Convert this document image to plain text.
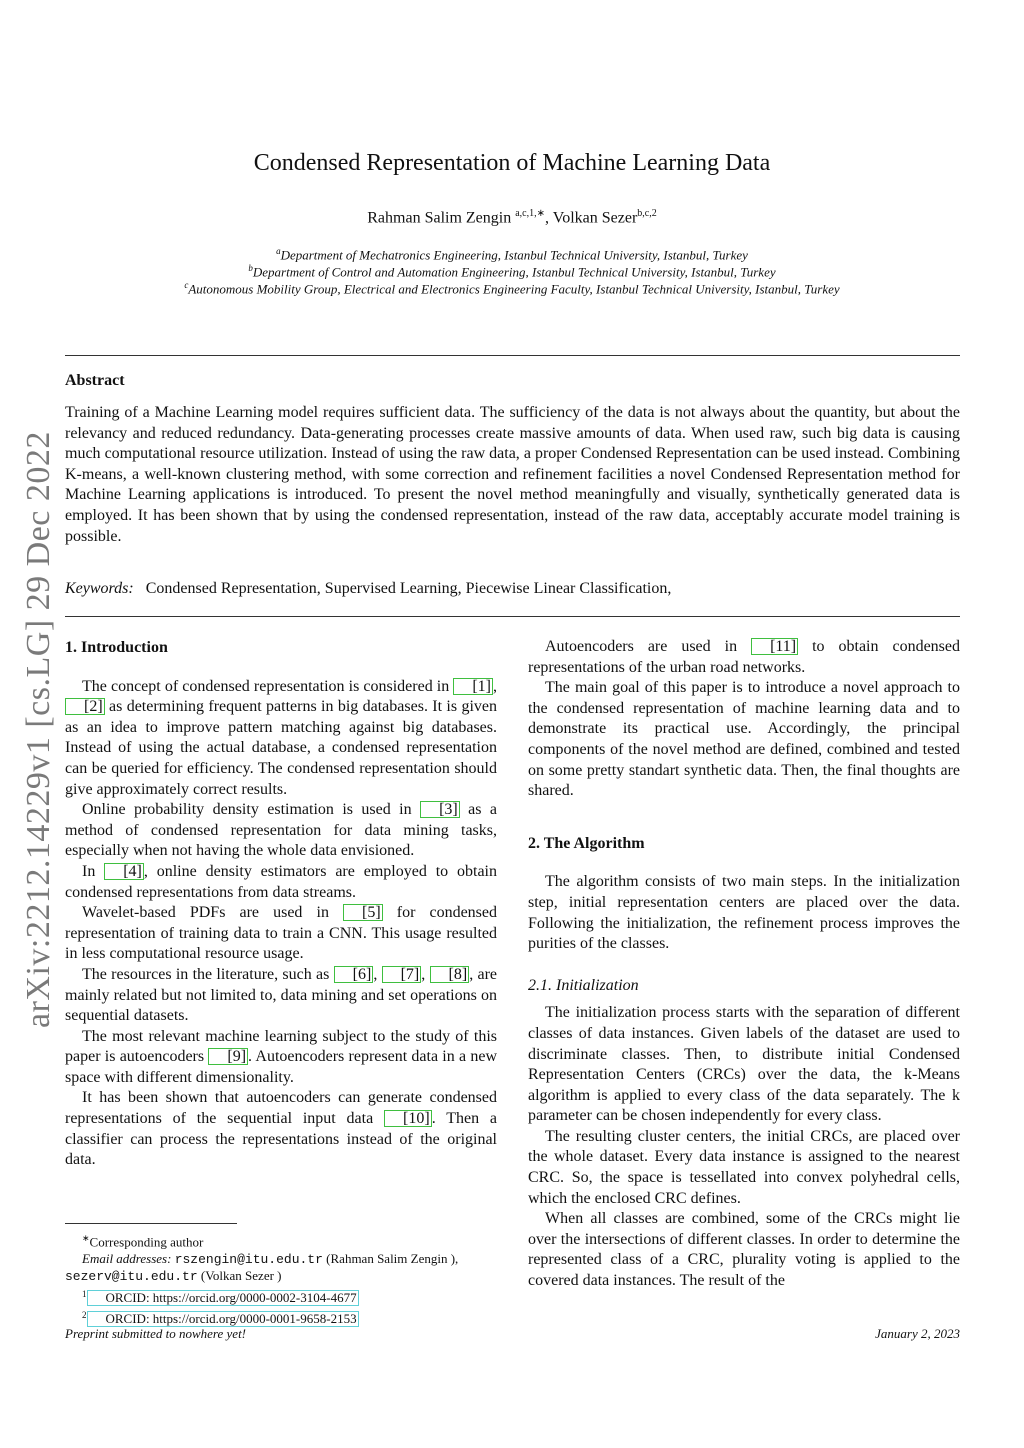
Condensed Representation of Machine Learning Data
Rahman Salim Zengin $^{a,c,1,∗}$, Volkan Sezer$^{b,c,2}$
$^a$Department of Mechatronics Engineering, Istanbul Technical University, Istanbul, Turkey
$^b$Department of Control and Automation Engineering, Istanbul Technical University, Istanbul, Turkey
$^c$Autonomous Mobility Group, Electrical and Electronics Engineering Faculty, Istanbul Technical University, Istanbul, Turkey
Abstract
Training of a Machine Learning model requires sufficient data. The sufficiency of the data is not always about the quantity, but about the relevancy and reduced redundancy. Data-generating processes create massive amounts of data. When used raw, such big data is causing much computational resource utilization. Instead of using the raw data, a proper Condensed Representation can be used instead. Combining K-means, a well-known clustering method, with some correction and refinement facilities a novel Condensed Representation method for Machine Learning applications is introduced. To present the novel method meaningfully and visually, synthetically generated data is employed. It has been shown that by using the condensed representation, instead of the raw data, acceptably accurate model training is possible.
Keywords: Condensed Representation, Supervised Learning, Piecewise Linear Classification,
arXiv:2212.14229v1 [cs.LG] 29 Dec 2022 1. Introduction

The concept of condensed representation is considered in [1] , [2] as determining frequent patterns in big databases. It is given as an idea to improve pattern matching against big databases. Instead of using the actual database, a condensed representation can be queried for efficiency. The condensed representation should give approximately correct results.

Online probability density estimation is used in [3] as a method of condensed representation for data mining tasks, especially when not having the whole data envisioned.

In [4] , online density estimators are employed to obtain condensed representations from data streams.

Wavelet-based PDFs are used in [5] for condensed representation of training data to train a CNN. This usage resulted in less computational resource usage.

The resources in the literature, such as [6] , [7] , [8] , are mainly related but not limited to, data mining and set operations on sequential datasets.

The most relevant machine learning subject to the study of this paper is autoencoders [9] . Autoencoders represent data in a new space with different dimensionality.

It has been shown that autoencoders can generate condensed representations of the sequential input data [10] . Then a classifier can process the representations instead of the original data.

∗Corresponding author
Email addresses: rszengin@itu.edu.tr (Rahman Salim Zengin ), sezerv@itu.edu.tr (Volkan Sezer )
$^1$ ORCID: https://orcid.org/0000-0002-3104-4677
$^2$ ORCID: https://orcid.org/0000-0001-9658-2153

Autoencoders are used in [11] to obtain condensed representations of the urban road networks.

The main goal of this paper is to introduce a novel approach to the condensed representation of machine learning data and to demonstrate its practical use. Accordingly, the principal components of the novel method are defined, combined and tested on some pretty standart synthetic data. Then, the final thoughts are shared.

2. The Algorithm

The algorithm consists of two main steps. In the initialization step, initial representation centers are placed over the data. Following the initialization, the refinement process improves the purities of the classes.

2.1. Initialization

The initialization process starts with the separation of different classes of data instances. Given labels of the dataset are used to discriminate classes. Then, to distribute initial Condensed Representation Centers (CRCs) over the data, the k-Means algorithm is applied to every class of the data separately. The k parameter can be chosen independently for every class.

The resulting cluster centers, the initial CRCs, are placed over the whole dataset. Every data instance is assigned to the nearest CRC. So, the space is tessellated into convex polyhedral cells, which the enclosed CRC defines.

When all classes are combined, some of the CRCs might lie over the intersections of different classes. In order to determine the represented class of a CRC, plurality voting is applied to the covered data instances. The result of the

Preprint submitted to nowhere yet!	January 2, 2023
